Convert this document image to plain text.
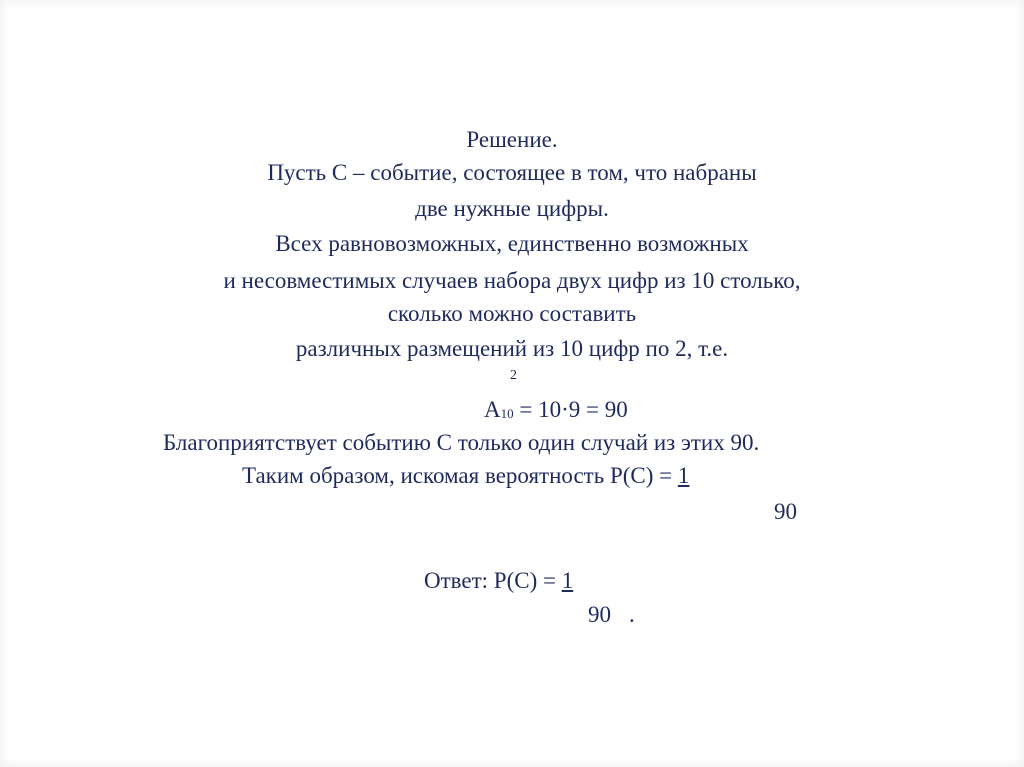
Решение.
Пусть С – событие, состоящее в том, что набраны
две нужные цифры.
Всех равновозможных, единственно возможных
и несовместимых случаев набора двух цифр из 10 столько,
сколько можно составить
различных размещений из 10 цифр по 2, т.е.
2
А10 = 10·9 = 90
Благоприятствует событию С только один случай из этих 90.
Таким образом, искомая вероятность Р(С) = 1
90
Ответ: Р(С) = 1
90 .
